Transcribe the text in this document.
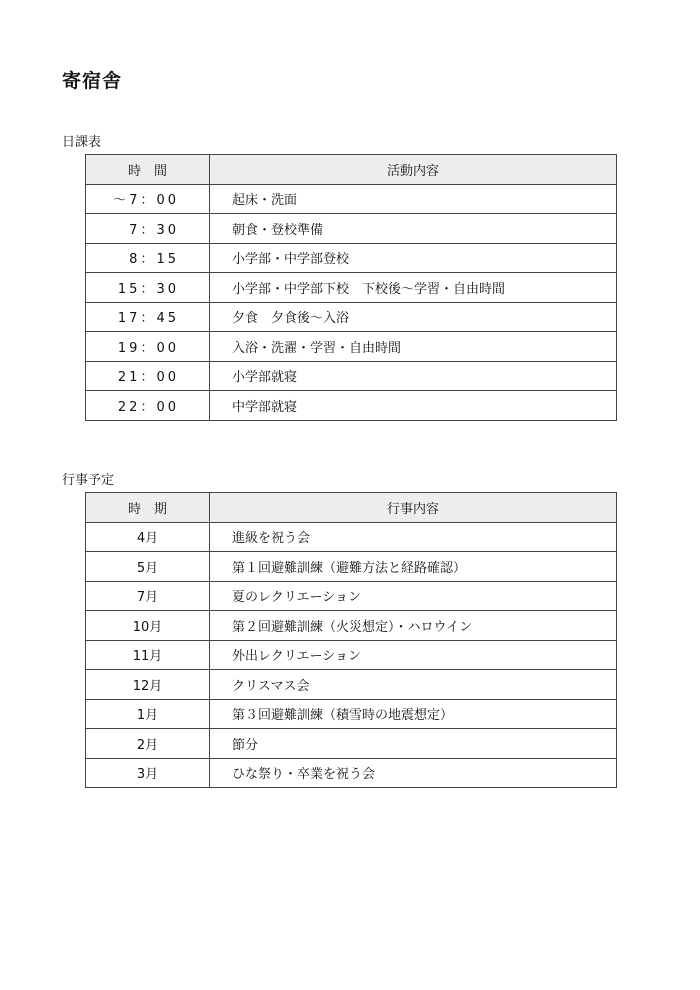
寄宿舎
日課表
時　間	活動内容
～7：00	起床・洗面
7：30	朝食・登校準備
8：15	小学部・中学部登校
15：30	小学部・中学部下校　下校後～学習・自由時間
17：45	夕食　夕食後～入浴
19：00	入浴・洗濯・学習・自由時間
21：00	小学部就寝
22：00	中学部就寝
行事予定
時　期	行事内容
4月	進級を祝う会
5月	第１回避難訓練（避難方法と経路確認）
7月	夏のレクリエーション
10月	第２回避難訓練（火災想定）・ハロウイン
11月	外出レクリエーション
12月	クリスマス会
1月	第３回避難訓練（積雪時の地震想定）
2月	節分
3月	ひな祭り・卒業を祝う会
